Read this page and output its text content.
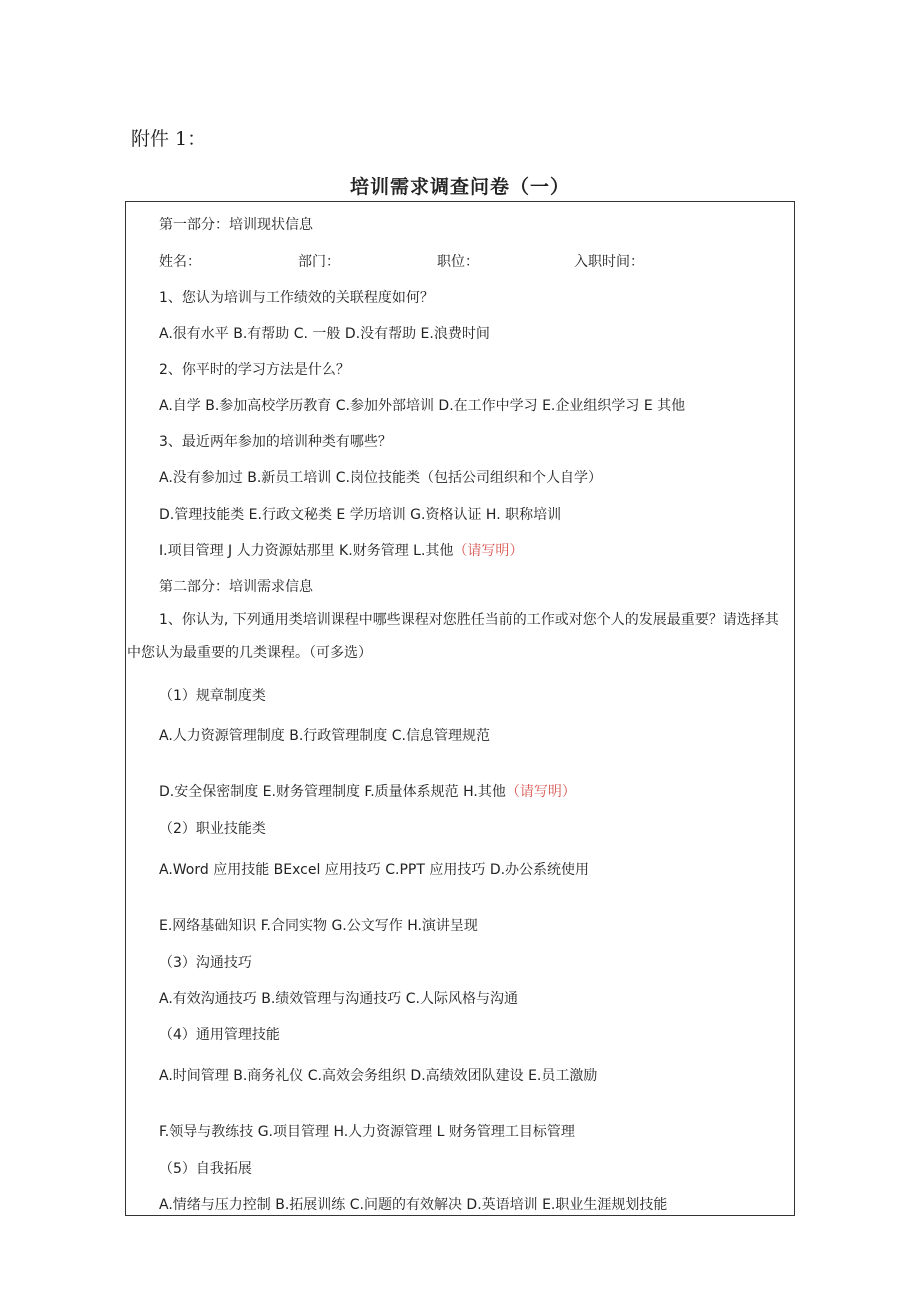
附件 1：
培训需求调查问卷（一）
第一部分：培训现状信息
姓名：	部门：	职位：	入职时间：
1、您认为培训与工作绩效的关联程度如何？
A.很有水平 B.有帮助 C. 一般 D.没有帮助 E.浪费时间
2、你平时的学习方法是什么？
A.自学 B.参加高校学历教育 C.参加外部培训 D.在工作中学习 E.企业组织学习 E 其他
3、最近两年参加的培训种类有哪些？
A.没有参加过 B.新员工培训 C.岗位技能类（包括公司组织和个人自学）
D.管理技能类 E.行政文秘类 E 学历培训 G.资格认证 H. 职称培训
I.项目管理 J 人力资源姑那里 K.财务管理 L.其他（请写明）
第二部分：培训需求信息
1、你认为, 下列通用类培训课程中哪些课程对您胜任当前的工作或对您个人的发展最重要？请选择其中您认为最重要的几类课程。（可多选）
（1）规章制度类
A.人力资源管理制度 B.行政管理制度 C.信息管理规范
D.安全保密制度 E.财务管理制度 F.质量体系规范 H.其他（请写明）
（2）职业技能类
A.Word 应用技能 BExcel 应用技巧 C.PPT 应用技巧 D.办公系统使用
E.网络基础知识 F.合同实物 G.公文写作 H.演讲呈现
（3）沟通技巧
A.有效沟通技巧 B.绩效管理与沟通技巧 C.人际风格与沟通
（4）通用管理技能
A.时间管理 B.商务礼仪 C.高效会务组织 D.高绩效团队建设 E.员工激励
F.领导与教练技 G.项目管理 H.人力资源管理 L 财务管理工目标管理
（5）自我拓展
A.情绪与压力控制 B.拓展训练 C.问题的有效解决 D.英语培训 E.职业生涯规划技能
